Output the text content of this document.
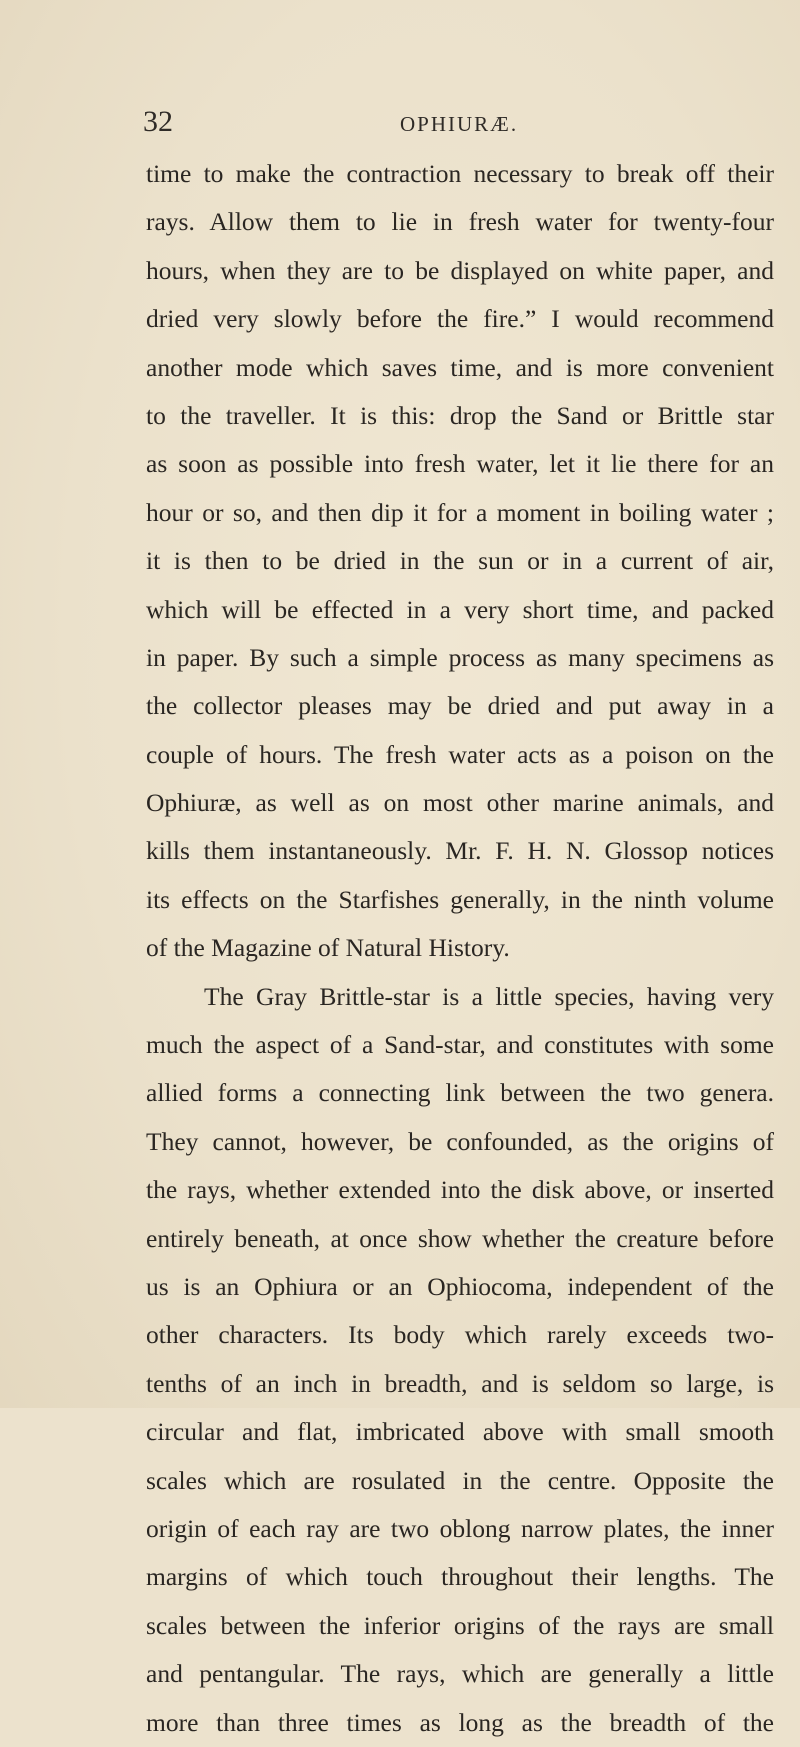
32	OPHIURÆ.
time to make the contraction necessary to break off their
rays. Allow them to lie in fresh water for twenty-four
hours, when they are to be displayed on white paper, and
dried very slowly before the fire.” I would recommend
another mode which saves time, and is more convenient
to the traveller. It is this: drop the Sand or Brittle star
as soon as possible into fresh water, let it lie there for an
hour or so, and then dip it for a moment in boiling water ;
it is then to be dried in the sun or in a current of air,
which will be effected in a very short time, and packed
in paper. By such a simple process as many specimens as
the collector pleases may be dried and put away in a
couple of hours. The fresh water acts as a poison on the
Ophiuræ, as well as on most other marine animals, and
kills them instantaneously. Mr. F. H. N. Glossop notices
its effects on the Starfishes generally, in the ninth volume
of the Magazine of Natural History.
The Gray Brittle-star is a little species, having very
much the aspect of a Sand-star, and constitutes with some
allied forms a connecting link between the two genera.
They cannot, however, be confounded, as the origins of
the rays, whether extended into the disk above, or inserted
entirely beneath, at once show whether the creature before
us is an Ophiura or an Ophiocoma, independent of the
other characters. Its body which rarely exceeds two-
tenths of an inch in breadth, and is seldom so large, is
circular and flat, imbricated above with small smooth
scales which are rosulated in the centre. Opposite the
origin of each ray are two oblong narrow plates, the inner
margins of which touch throughout their lengths. The
scales between the inferior origins of the rays are small
and pentangular. The rays, which are generally a little
more than three times as long as the breadth of the
